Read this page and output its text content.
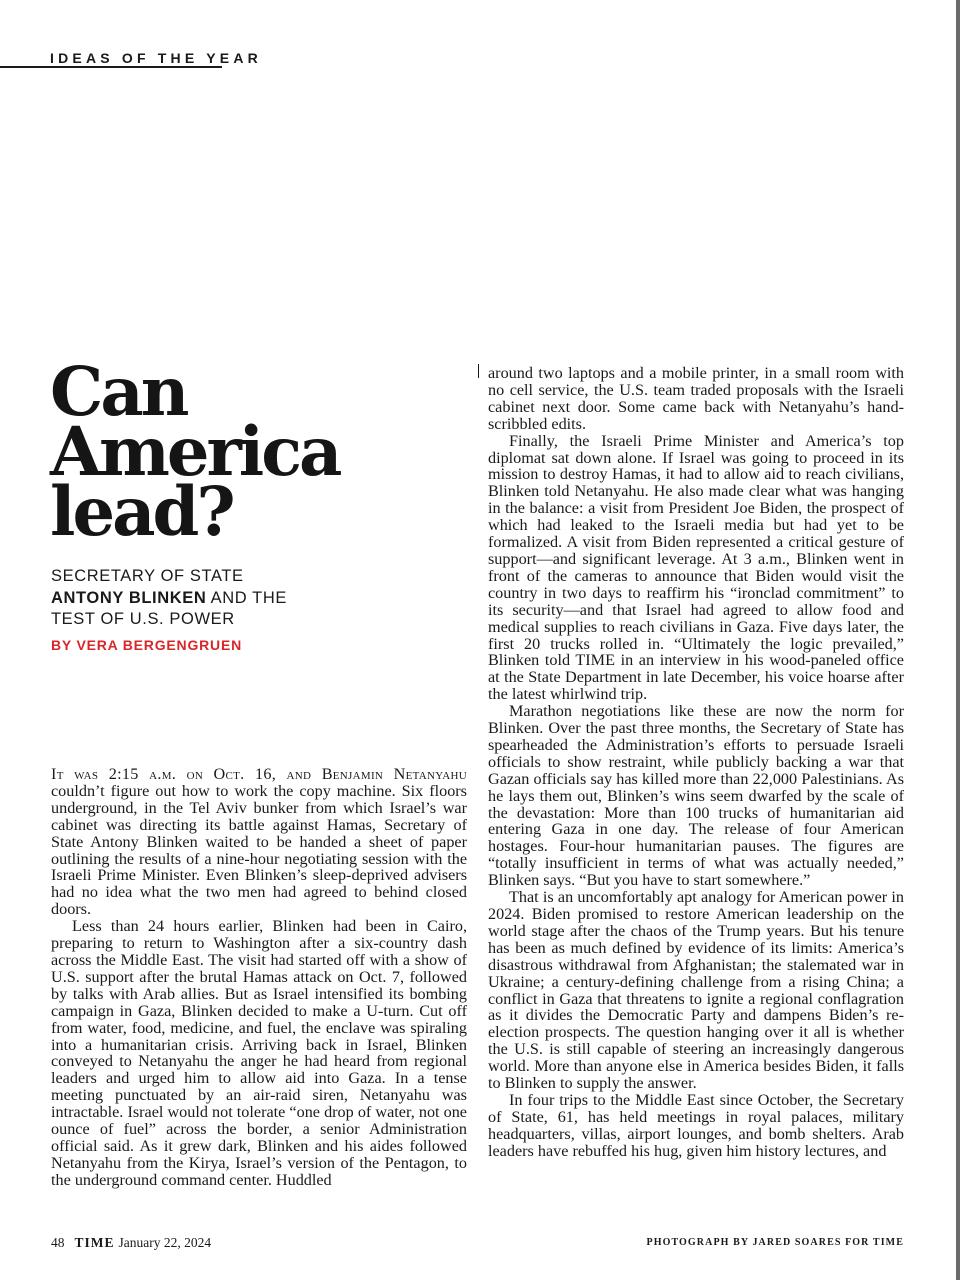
IDEAS OF THE YEAR
Can
America
lead?
SECRETARY OF STATE
ANTONY BLINKEN AND THE
TEST OF U.S. POWER
BY VERA BERGENGRUEN

It was 2:15 a.m. on Oct. 16, and Benjamin Netanyahu couldn’t figure out how to work the copy machine. Six floors underground, in the Tel Aviv bunker from which Israel’s war cabinet was directing its battle against Hamas, Secretary of State Antony Blinken waited to be handed a sheet of paper outlining the results of a nine-hour negotiating session with the Israeli Prime Minister. Even Blinken’s sleep-deprived advisers had no idea what the two men had agreed to behind closed doors.

Less than 24 hours earlier, Blinken had been in Cairo, preparing to return to Washington after a six-country dash across the Middle East. The visit had started off with a show of U.S. support after the brutal Hamas attack on Oct. 7, followed by talks with Arab allies. But as Israel intensified its bombing campaign in Gaza, Blinken decided to make a U-turn. Cut off from water, food, medicine, and fuel, the enclave was spiraling into a humanitarian crisis. Arriving back in Israel, Blinken conveyed to Netanyahu the anger he had heard from regional leaders and urged him to allow aid into Gaza. In a tense meeting punctuated by an air-raid siren, Netanyahu was intractable. Israel would not tolerate “one drop of water, not one ounce of fuel” across the border, a senior Administration official said. As it grew dark, Blinken and his aides followed Netanyahu from the Kirya, Israel’s version of the Pentagon, to the underground command center. Huddled

around two laptops and a mobile printer, in a small room with no cell service, the U.S. team traded proposals with the Israeli cabinet next door. Some came back with Netanyahu’s hand-scribbled edits.

Finally, the Israeli Prime Minister and America’s top diplomat sat down alone. If Israel was going to proceed in its mission to destroy Hamas, it had to allow aid to reach civilians, Blinken told Netanyahu. He also made clear what was hanging in the balance: a visit from President Joe Biden, the prospect of which had leaked to the Israeli media but had yet to be formalized. A visit from Biden represented a critical gesture of support—and significant leverage. At 3 a.m., Blinken went in front of the cameras to announce that Biden would visit the country in two days to reaffirm his “ironclad commitment” to its security—and that Israel had agreed to allow food and medical supplies to reach civilians in Gaza. Five days later, the first 20 trucks rolled in. “Ultimately the logic prevailed,” Blinken told TIME in an interview in his wood-paneled office at the State Department in late December, his voice hoarse after the latest whirlwind trip.

Marathon negotiations like these are now the norm for Blinken. Over the past three months, the Secretary of State has spearheaded the Administration’s efforts to persuade Israeli officials to show restraint, while publicly backing a war that Gazan officials say has killed more than 22,000 Palestinians. As he lays them out, Blinken’s wins seem dwarfed by the scale of the devastation: More than 100 trucks of humanitarian aid entering Gaza in one day. The release of four American hostages. Four-hour humanitarian pauses. The figures are “totally insufficient in terms of what was actually needed,” Blinken says. “But you have to start somewhere.”

That is an uncomfortably apt analogy for American power in 2024. Biden promised to restore American leadership on the world stage after the chaos of the Trump years. But his tenure has been as much defined by evidence of its limits: America’s disastrous withdrawal from Afghanistan; the stalemated war in Ukraine; a century-defining challenge from a rising China; a conflict in Gaza that threatens to ignite a regional conflagration as it divides the Democratic Party and dampens Biden’s re-election prospects. The question hanging over it all is whether the U.S. is still capable of steering an increasingly dangerous world. More than anyone else in America besides Biden, it falls to Blinken to supply the answer.

In four trips to the Middle East since October, the Secretary of State, 61, has held meetings in royal palaces, military headquarters, villas, airport lounges, and bomb shelters. Arab leaders have rebuffed his hug, given him history lectures, and

48 TIME January 22, 2024	PHOTOGRAPH BY JARED SOARES FOR TIME
